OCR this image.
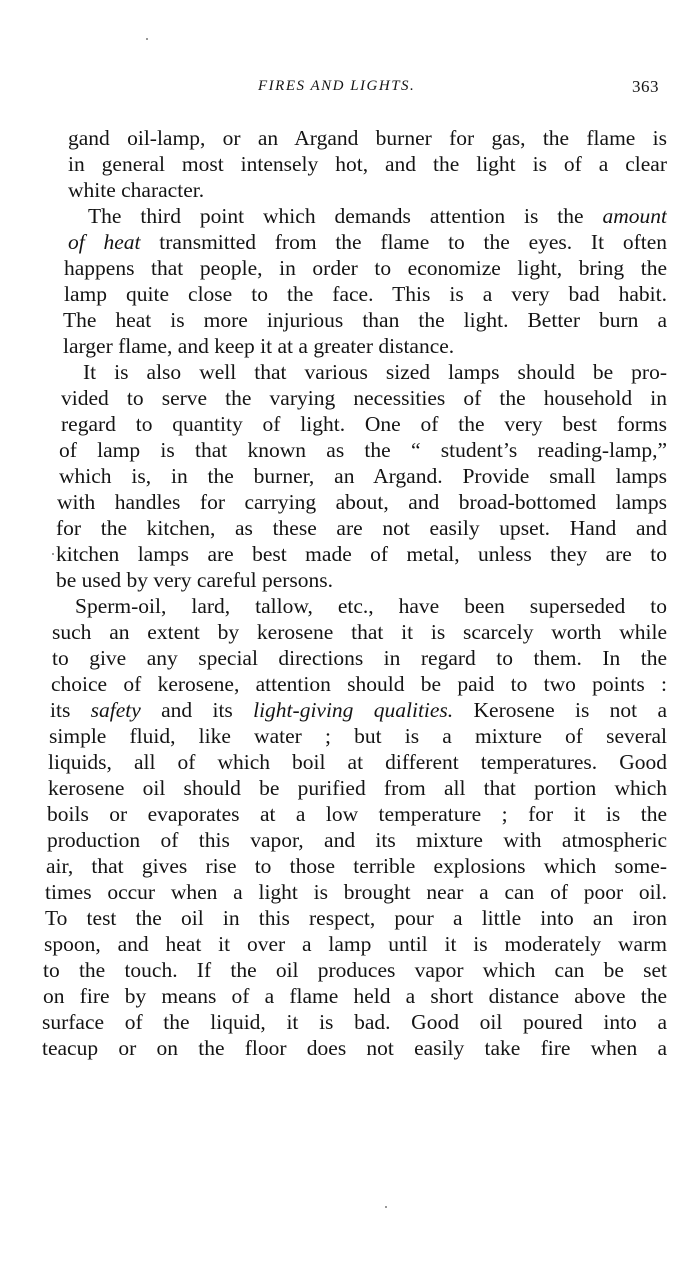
FIRES AND LIGHTS.	363
gand oil-lamp, or an Argand burner for gas, the flame is
in general most intensely hot, and the light is of a clear
white character.
The third point which demands attention is the amount
of heat transmitted from the flame to the eyes. It often
happens that people, in order to economize light, bring the
lamp quite close to the face. This is a very bad habit.
The heat is more injurious than the light. Better burn a
larger flame, and keep it at a greater distance.
It is also well that various sized lamps should be pro-
vided to serve the varying necessities of the household in
regard to quantity of light. One of the very best forms
of lamp is that known as the “ student’s reading-lamp,”
which is, in the burner, an Argand. Provide small lamps
with handles for carrying about, and broad-bottomed lamps
for the kitchen, as these are not easily upset. Hand and
kitchen lamps are best made of metal, unless they are to
be used by very careful persons.
Sperm-oil, lard, tallow, etc., have been superseded to
such an extent by kerosene that it is scarcely worth while
to give any special directions in regard to them. In the
choice of kerosene, attention should be paid to two points :
its safety and its light-giving qualities. Kerosene is not a
simple fluid, like water ; but is a mixture of several
liquids, all of which boil at different temperatures. Good
kerosene oil should be purified from all that portion which
boils or evaporates at a low temperature ; for it is the
production of this vapor, and its mixture with atmospheric
air, that gives rise to those terrible explosions which some-
times occur when a light is brought near a can of poor oil.
To test the oil in this respect, pour a little into an iron
spoon, and heat it over a lamp until it is moderately warm
to the touch. If the oil produces vapor which can be set
on fire by means of a flame held a short distance above the
surface of the liquid, it is bad. Good oil poured into a
teacup or on the floor does not easily take fire when a
